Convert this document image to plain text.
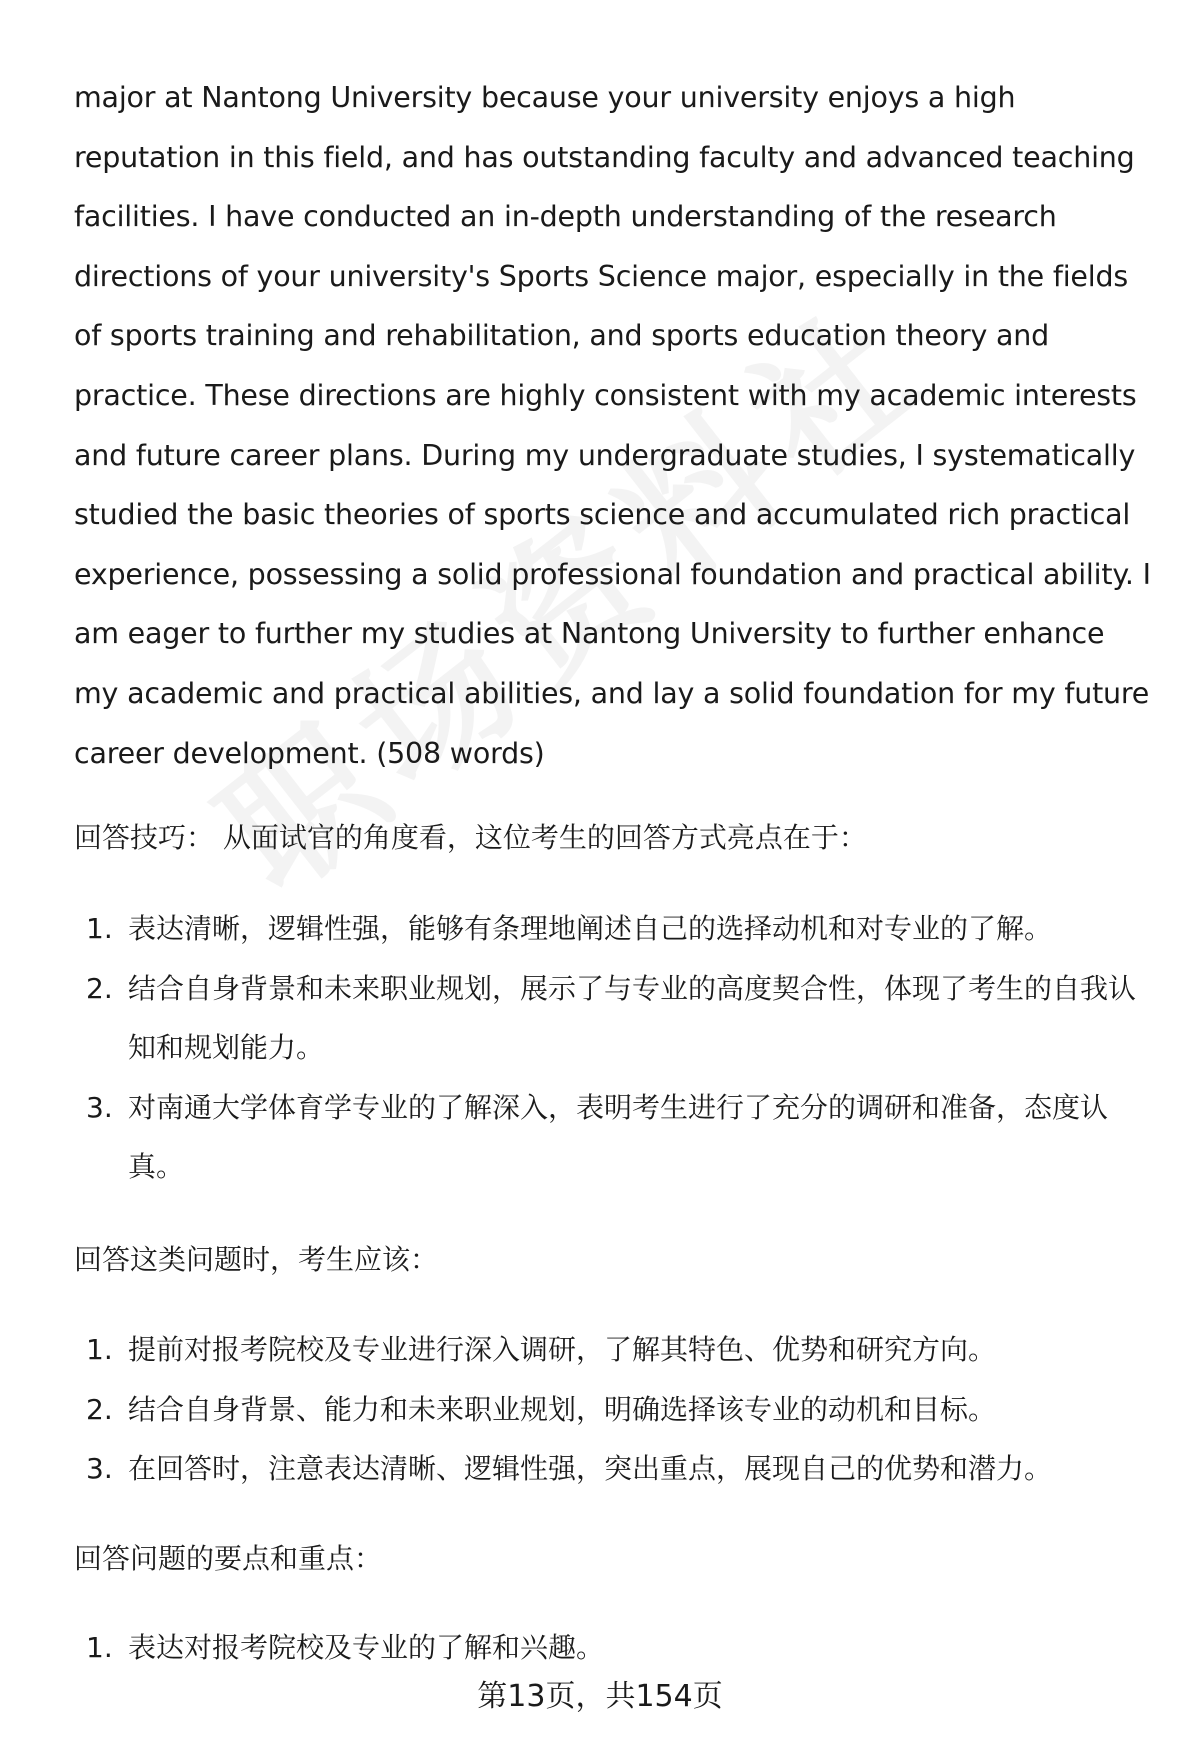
major at Nantong University because your university enjoys a high reputation in this field, and has outstanding faculty and advanced teaching facilities. I have conducted an in-depth understanding of the research directions of your university's Sports Science major, especially in the fields of sports training and rehabilitation, and sports education theory and practice. These directions are highly consistent with my academic interests and future career plans. During my undergraduate studies, I systematically studied the basic theories of sports science and accumulated rich practical experience, possessing a solid professional foundation and practical ability. I am eager to further my studies at Nantong University to further enhance my academic and practical abilities, and lay a solid foundation for my future career development. (508 words)

回答技巧： 从面试官的角度看，这位考生的回答方式亮点在于：
1. 表达清晰，逻辑性强，能够有条理地阐述自己的选择动机和对专业的了解。
2. 结合自身背景和未来职业规划，展示了与专业的高度契合性，体现了考生的自我认知和规划能力。
3. 对南通大学体育学专业的了解深入，表明考生进行了充分的调研和准备，态度认真。
回答这类问题时，考生应该：
1. 提前对报考院校及专业进行深入调研，了解其特色、优势和研究方向。
2. 结合自身背景、能力和未来职业规划，明确选择该专业的动机和目标。
3. 在回答时，注意表达清晰、逻辑性强，突出重点，展现自己的优势和潜力。
回答问题的要点和重点：
1. 表达对报考院校及专业的了解和兴趣。
第13页，共154页
